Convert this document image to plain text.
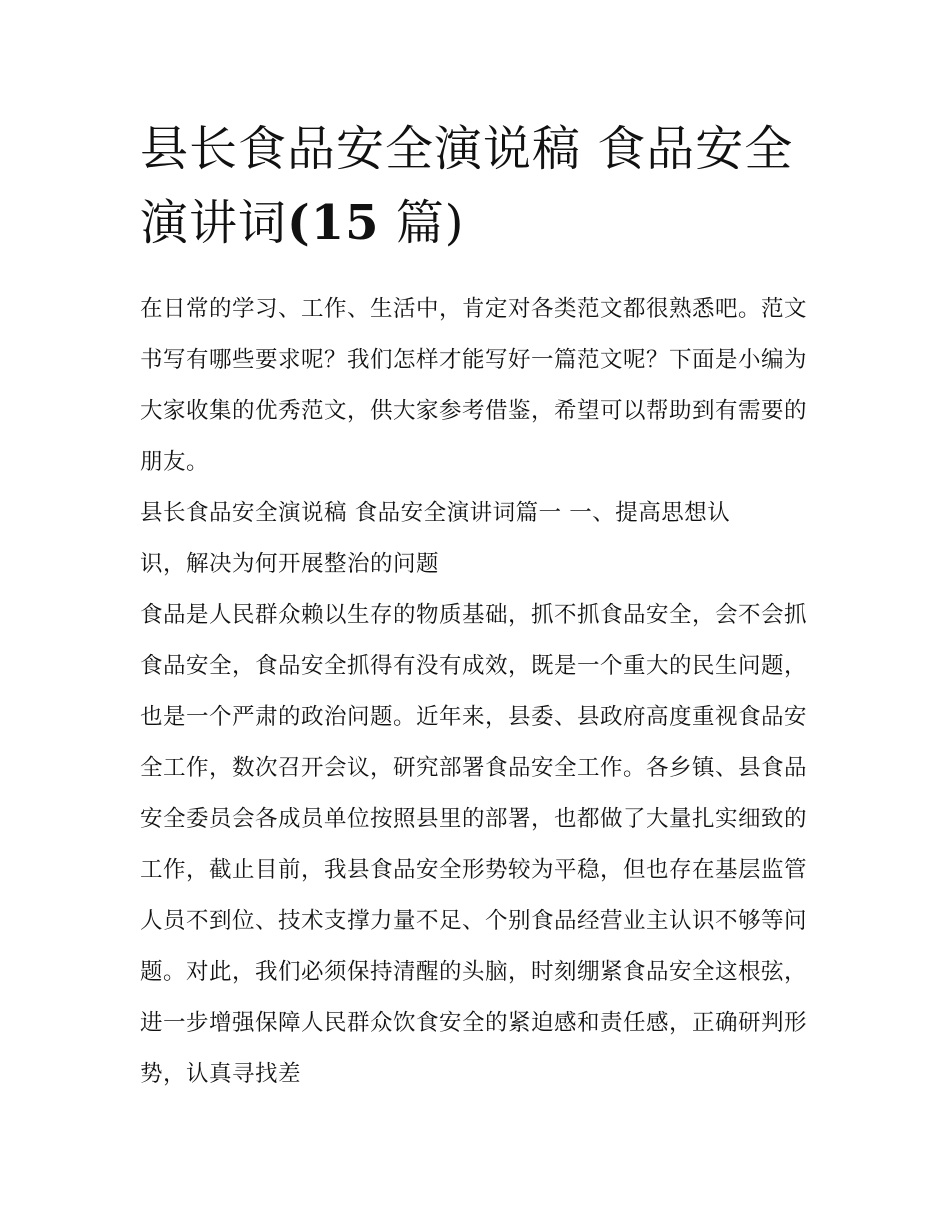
县长食品安全演说稿 食品安全
演讲词(15 篇)

在日常的学习、工作、生活中，肯定对各类范文都很熟悉吧。范文书写有哪些要求呢？我们怎样才能写好一篇范文呢？下面是小编为大家收集的优秀范文，供大家参考借鉴，希望可以帮助到有需要的朋友。

县长食品安全演说稿 食品安全演讲词篇一 一、提高思想认
识，解决为何开展整治的问题

食品是人民群众赖以生存的物质基础，抓不抓食品安全，会不会抓食品安全，食品安全抓得有没有成效，既是一个重大的民生问题，也是一个严肃的政治问题。近年来，县委、县政府高度重视食品安全工作，数次召开会议，研究部署食品安全工作。各乡镇、县食品安全委员会各成员单位按照县里的部署，也都做了大量扎实细致的工作，截止目前，我县食品安全形势较为平稳，但也存在基层监管人员不到位、技术支撑力量不足、个别食品经营业主认识不够等问题。对此，我们必须保持清醒的头脑，时刻绷紧食品安全这根弦，进一步增强保障人民群众饮食安全的紧迫感和责任感，正确研判形势，认真寻找差
